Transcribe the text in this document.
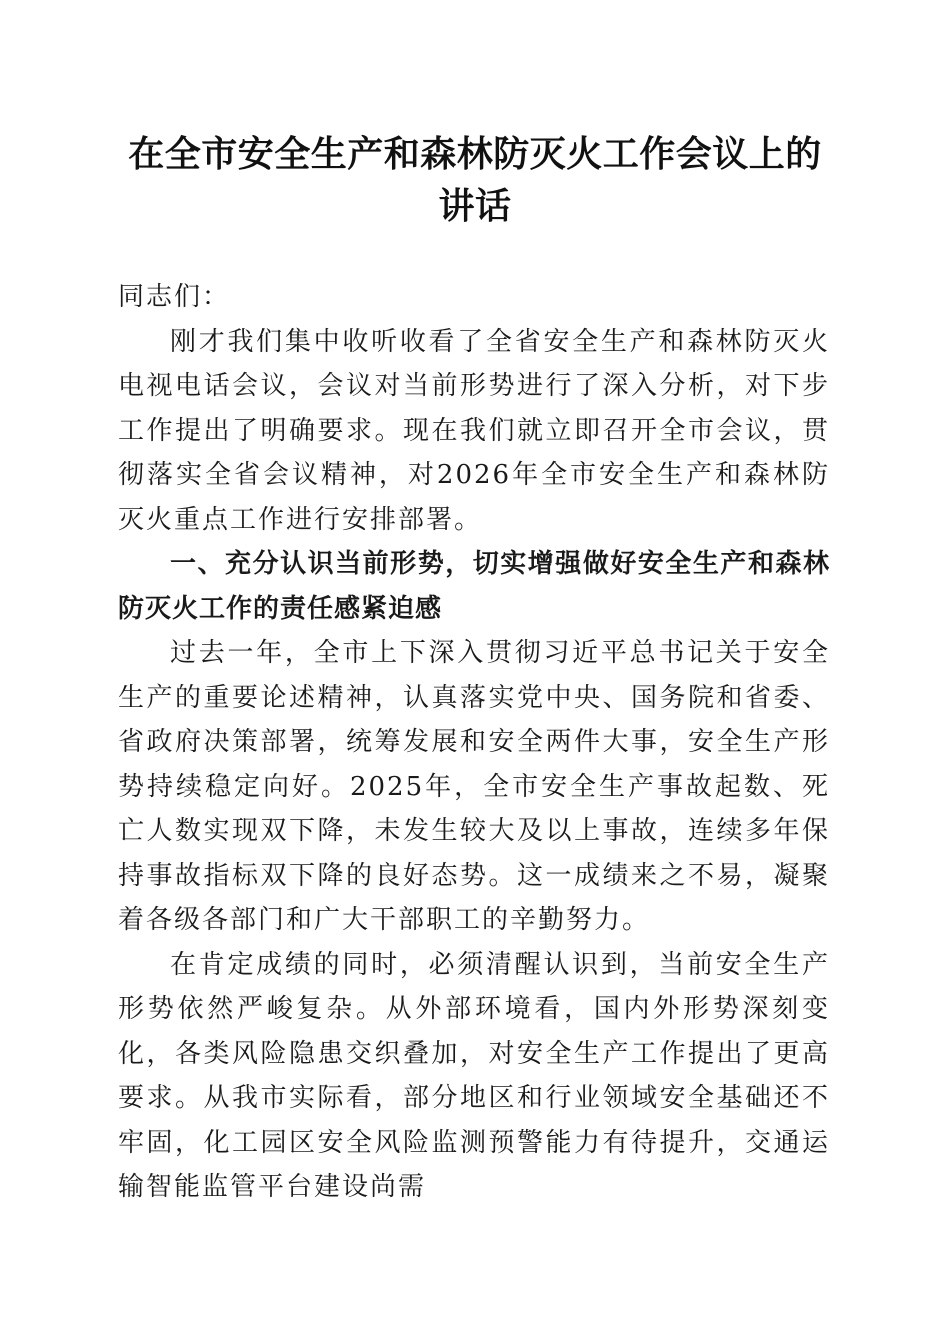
在全市安全生产和森林防灭火工作会议上的讲话

同志们：

刚才我们集中收听收看了全省安全生产和森林防灭火电视电话会议，会议对当前形势进行了深入分析，对下步工作提出了明确要求。现在我们就立即召开全市会议，贯彻落实全省会议精神，对2026年全市安全生产和森林防灭火重点工作进行安排部署。

一、充分认识当前形势，切实增强做好安全生产和森林防灭火工作的责任感紧迫感

过去一年，全市上下深入贯彻习近平总书记关于安全生产的重要论述精神，认真落实党中央、国务院和省委、省政府决策部署，统筹发展和安全两件大事，安全生产形势持续稳定向好。2025年，全市安全生产事故起数、死亡人数实现双下降，未发生较大及以上事故，连续多年保持事故指标双下降的良好态势。这一成绩来之不易，凝聚着各级各部门和广大干部职工的辛勤努力。

在肯定成绩的同时，必须清醒认识到，当前安全生产形势依然严峻复杂。从外部环境看，国内外形势深刻变化，各类风险隐患交织叠加，对安全生产工作提出了更高要求。从我市实际看，部分地区和行业领域安全基础还不牢固，化工园区安全风险监测预警能力有待提升，交通运输智能监管平台建设尚需
